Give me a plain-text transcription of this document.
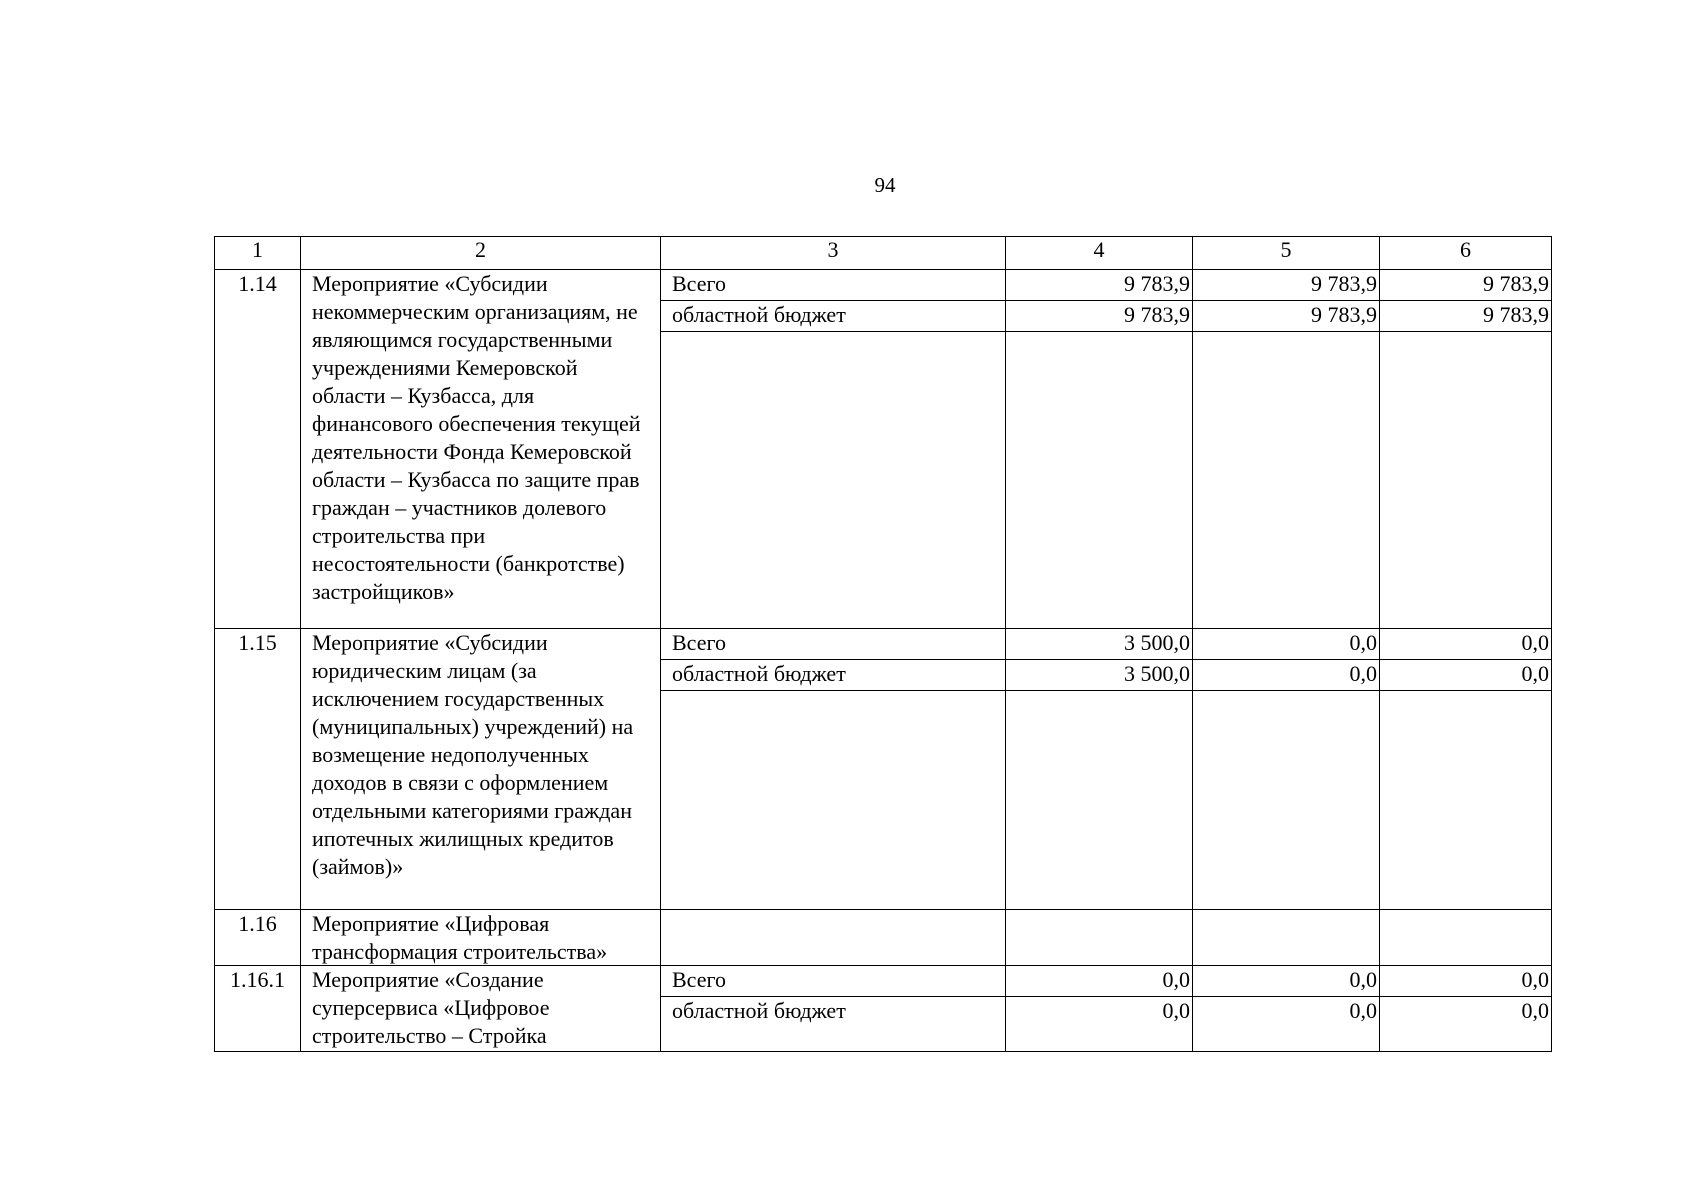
94
1	2	3	4	5	6
1.14	Мероприятие «Субсидии некоммерческим организациям, не являющимся государственными учреждениями Кемеровской области – Кузбасса, для финансового обеспечения текущей деятельности Фонда Кемеровской области – Кузбасса по защите прав граждан – участников долевого строительства при несостоятельности (банкротстве) застройщиков»	Всего	9 783,9	9 783,9	9 783,9
		областной бюджет	9 783,9	9 783,9	9 783,9

1.15	Мероприятие «Субсидии юридическим лицам (за исключением государственных (муниципальных) учреждений) на возмещение недополученных доходов в связи с оформлением отдельными категориями граждан ипотечных жилищных кредитов (займов)»	Всего	3 500,0	0,0	0,0
		областной бюджет	3 500,0	0,0	0,0

1.16	Мероприятие «Цифровая трансформация строительства»				
1.16.1	Мероприятие «Создание суперсервиса «Цифровое строительство – Стройка	Всего	0,0	0,0	0,0
		областной бюджет	0,0	0,0	0,0
